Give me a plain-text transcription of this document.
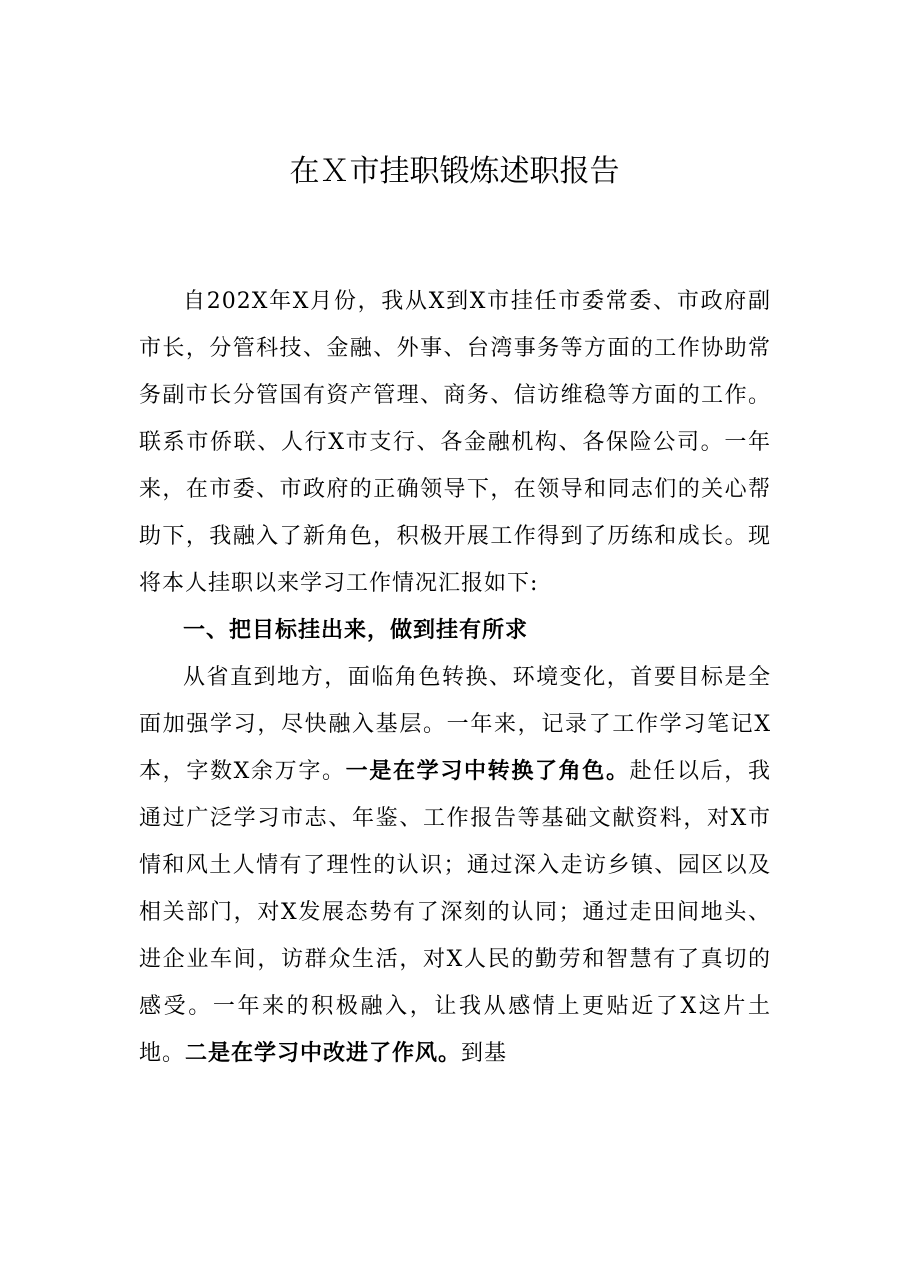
在Ｘ市挂职锻炼述职报告

自202X年X月份，我从X到X市挂任市委常委、市政府副市长，分管科技、金融、外事、台湾事务等方面的工作协助常务副市长分管国有资产管理、商务、信访维稳等方面的工作。联系市侨联、人行X市支行、各金融机构、各保险公司。一年来，在市委、市政府的正确领导下，在领导和同志们的关心帮助下，我融入了新角色，积极开展工作得到了历练和成长。现将本人挂职以来学习工作情况汇报如下:

一、把目标挂出来，做到挂有所求

从省直到地方，面临角色转换、环境变化，首要目标是全面加强学习，尽快融入基层。一年来，记录了工作学习笔记X本，字数X余万字。一是在学习中转换了角色。赴任以后，我通过广泛学习市志、年鉴、工作报告等基础文献资料，对X市情和风土人情有了理性的认识；通过深入走访乡镇、园区以及相关部门，对X发展态势有了深刻的认同；通过走田间地头、进企业车间，访群众生活，对X人民的勤劳和智慧有了真切的感受。一年来的积极融入，让我从感情上更贴近了X这片土地。二是在学习中改进了作风。到基
